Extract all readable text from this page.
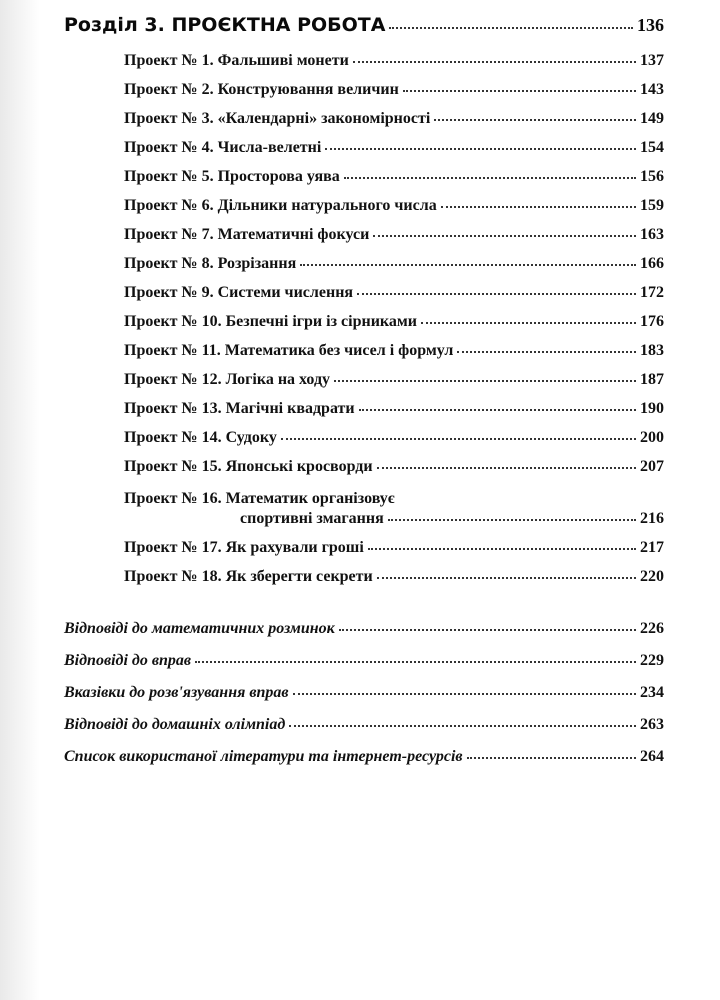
Розділ 3. ПРОЄКТНА РОБОТА	136
Проект № 1. Фальшиві монети	137
Проект № 2. Конструювання величин	143
Проект № 3. «Календарні» закономірності	149
Проект № 4. Числа-велетні	154
Проект № 5. Просторова уява	156
Проект № 6. Дільники натурального числа	159
Проект № 7. Математичні фокуси	163
Проект № 8. Розрізання	166
Проект № 9. Системи числення	172
Проект № 10. Безпечні ігри із сірниками	176
Проект № 11. Математика без чисел і формул	183
Проект № 12. Логіка на ходу	187
Проект № 13. Магічні квадрати	190
Проект № 14. Судоку	200
Проект № 15. Японські кросворди	207
Проект № 16. Математик організовує
спортивні змагання	216
Проект № 17. Як рахували гроші	217
Проект № 18. Як зберегти секрети	220
Відповіді до математичних розминок	226
Відповіді до вправ	229
Вказівки до розв'язування вправ	234
Відповіді до домашніх олімпіад	263
Список використаної літератури та інтернет-ресурсів	264
